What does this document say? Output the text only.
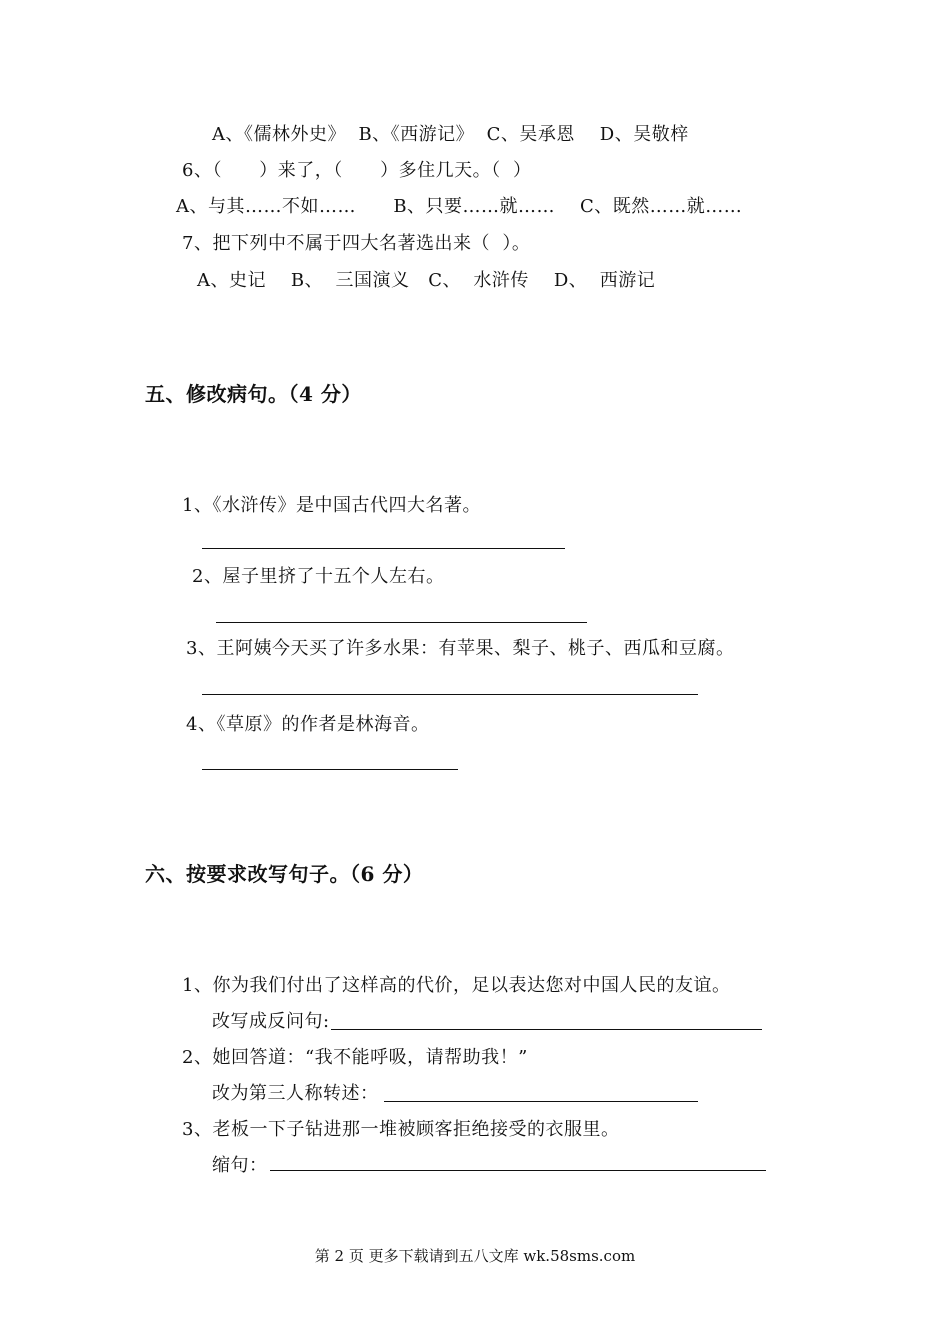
A、《儒林外史》  B、《西游记》  C、吴承恩    D、吴敬梓
6、（      ）来了，（      ）多住几天。（  ）
A、与其……不如……      B、只要……就……    C、既然……就……
7、把下列中不属于四大名著选出来（  ）。
A、史记    B、  三国演义   C、  水浒传    D、  西游记
五、修改病句。（4 分）
1、《水浒传》是中国古代四大名著。
2、屋子里挤了十五个人左右。
3、王阿姨今天买了许多水果：有苹果、梨子、桃子、西瓜和豆腐。
4、《草原》的作者是林海音。
六、按要求改写句子。（6 分）
1、你为我们付出了这样高的代价，足以表达您对中国人民的友谊。
改写成反问句:
2、她回答道：“我不能呼吸，请帮助我！”
改为第三人称转述：
3、老板一下子钻进那一堆被顾客拒绝接受的衣服里。
缩句：
第 2 页 更多下载请到五八文库 wk.58sms.com
